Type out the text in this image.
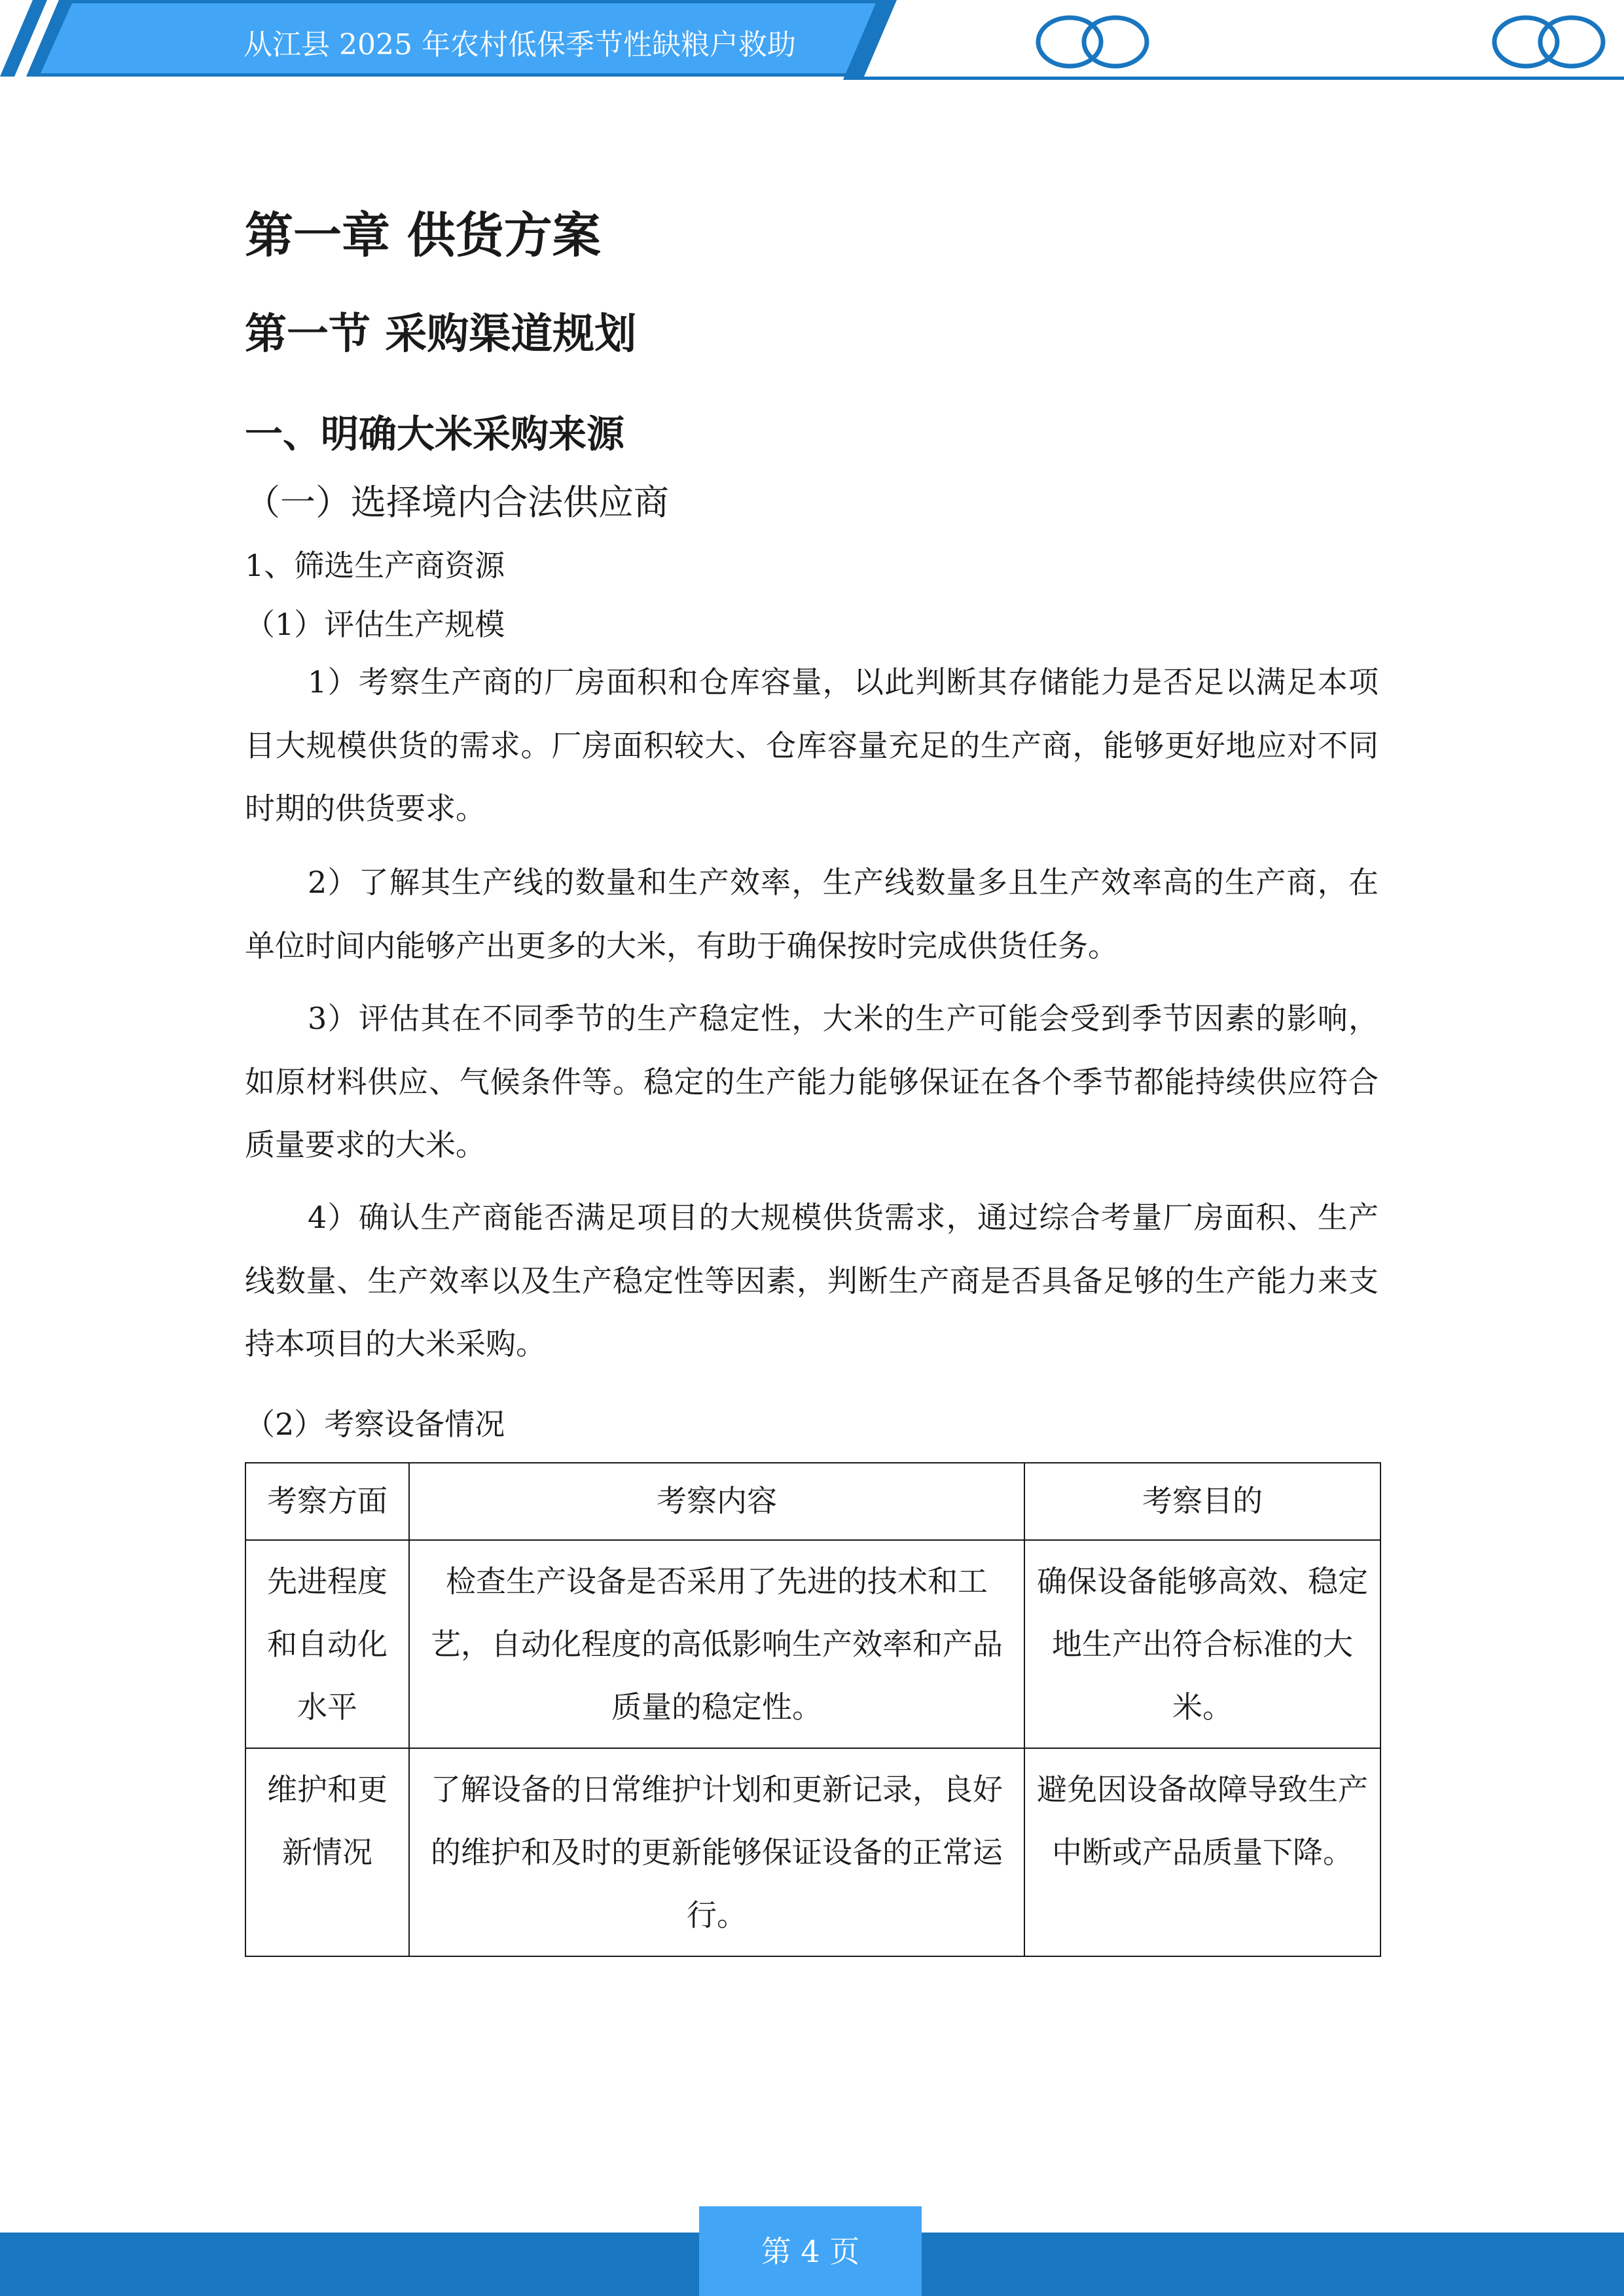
从江县 2025 年农村低保季节性缺粮户救助
第一章 供货方案
第一节 采购渠道规划
一、明确大米采购来源
（一）选择境内合法供应商
1、筛选生产商资源
（1）评估生产规模

1）考察生产商的厂房面积和仓库容量，以此判断其存储能力是否足以满足本项目大规模供货的需求。厂房面积较大、仓库容量充足的生产商，能够更好地应对不同时期的供货要求。

2）了解其生产线的数量和生产效率，生产线数量多且生产效率高的生产商，在单位时间内能够产出更多的大米，有助于确保按时完成供货任务。

3）评估其在不同季节的生产稳定性，大米的生产可能会受到季节因素的影响，如原材料供应、气候条件等。稳定的生产能力能够保证在各个季节都能持续供应符合质量要求的大米。

4）确认生产商能否满足项目的大规模供货需求，通过综合考量厂房面积、生产线数量、生产效率以及生产稳定性等因素，判断生产商是否具备足够的生产能力来支持本项目的大米采购。

（2）考察设备情况
考察方面	考察内容	考察目的
先进程度和自动化水平	检查生产设备是否采用了先进的技术和工艺，自动化程度的高低影响生产效率和产品质量的稳定性。	确保设备能够高效、稳定地生产出符合标准的大米。
维护和更新情况	了解设备的日常维护计划和更新记录，良好的维护和及时的更新能够保证设备的正常运行。	避免因设备故障导致生产中断或产品质量下降。
第 4 页
